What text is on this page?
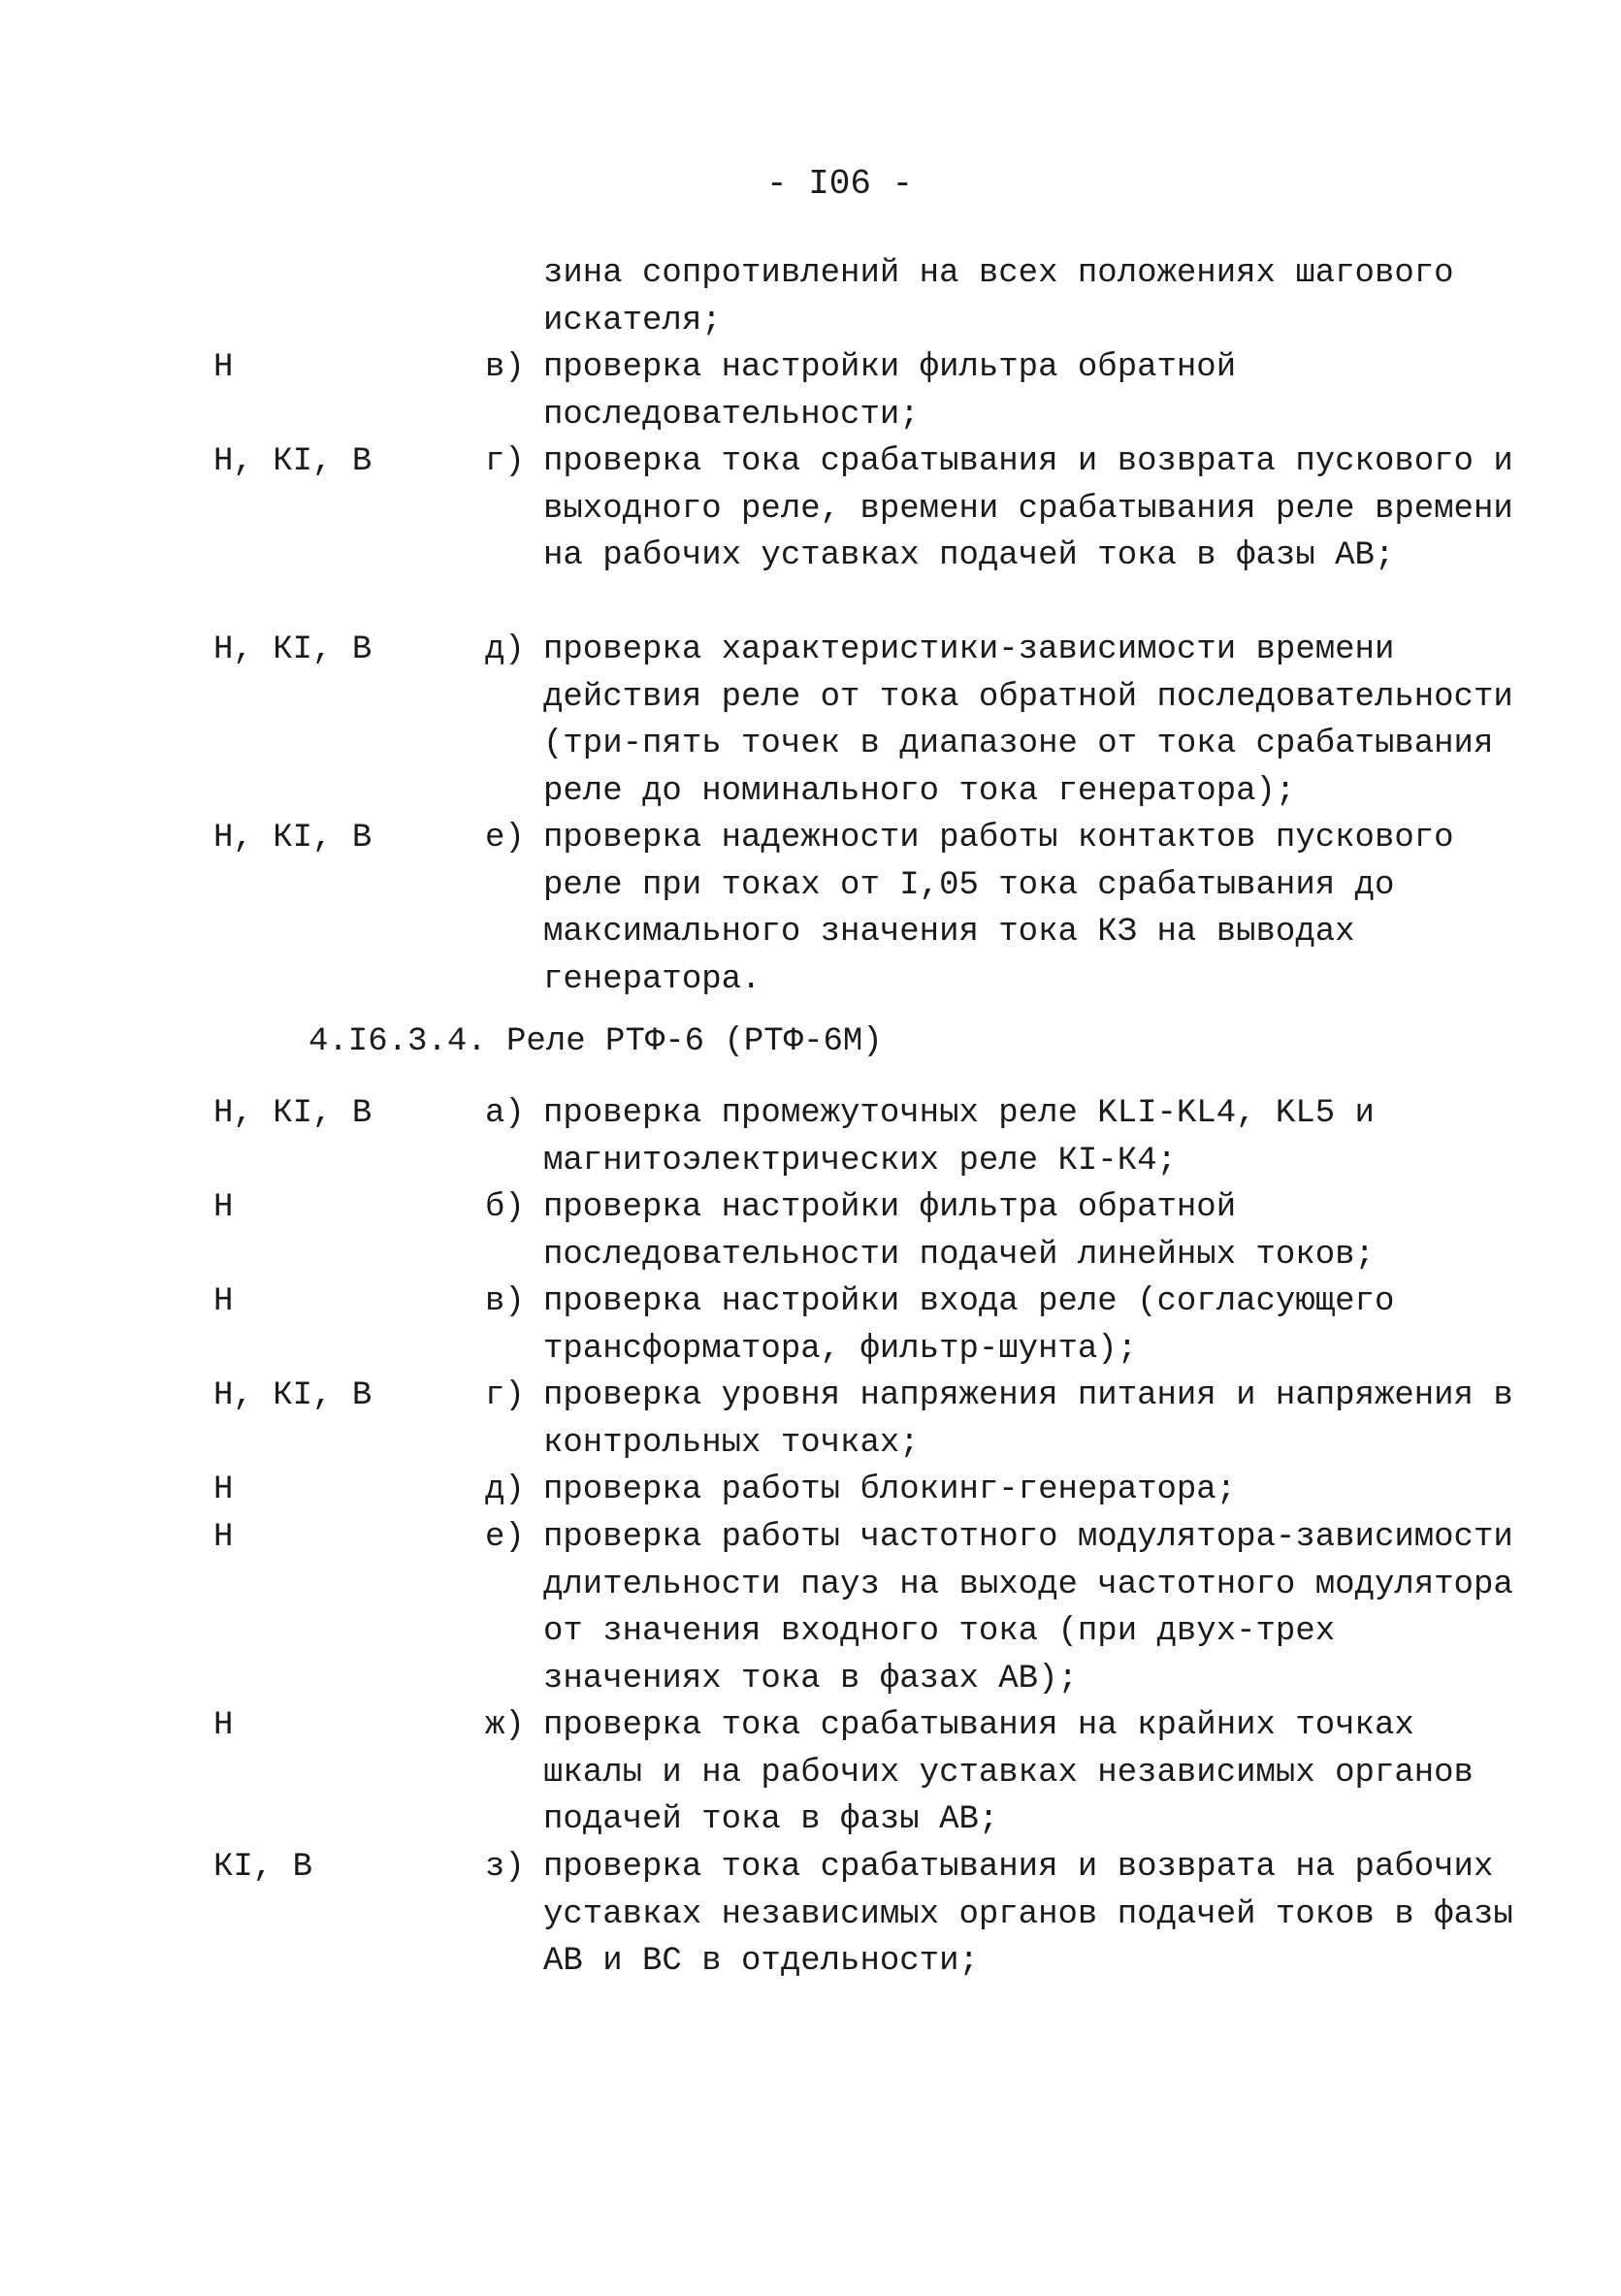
- I06 -
зина сопротивлений на всех положениях шагового искателя;
Н	в) проверка настройки фильтра обратной последовательности;
Н, КI, В	г) проверка тока срабатывания и возврата пускового и выходного реле, времени срабатывания реле времени на рабочих уставках подачей тока в фазы АВ;
Н, КI, В	д) проверка характеристики-зависимости времени действия реле от тока обратной последовательности (три-пять точек в диапазоне от тока срабатывания реле до номинального тока генератора);
Н, КI, В	е) проверка надежности работы контактов пускового реле при токах от I,05 тока срабатывания до максимального значения тока КЗ на выводах генератора.
4.I6.3.4. Реле РТФ-6 (РТФ-6М)
Н, КI, В	а) проверка промежуточных реле KLI-KL4, KL5 и магнитоэлектрических реле КI-К4;
Н	б) проверка настройки фильтра обратной последовательности подачей линейных токов;
Н	в) проверка настройки входа реле (согласующего трансформатора, фильтр-шунта);
Н, КI, В	г) проверка уровня напряжения питания и напряжения в контрольных точках;
Н	д) проверка работы блокинг-генератора;
Н	е) проверка работы частотного модулятора-зависимости длительности пауз на выходе частотного модулятора от значения входного тока (при двух-трех значениях тока в фазах АВ);
Н	ж) проверка тока срабатывания на крайних точках шкалы и на рабочих уставках независимых органов подачей тока в фазы АВ;
КI, В	з) проверка тока срабатывания и возврата на рабочих уставках независимых органов подачей токов в фазы АВ и ВС в отдельности;
